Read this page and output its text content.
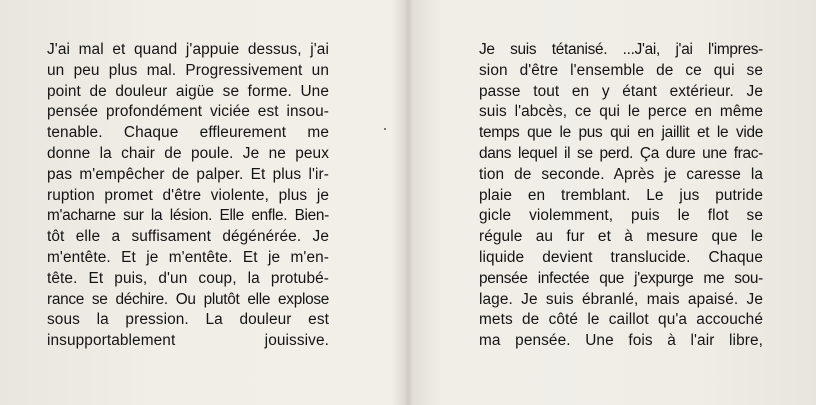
J'ai mal et quand j'appuie dessus, j'ai
un peu plus mal. Progressivement un
point de douleur aigüe se forme. Une
pensée profondément viciée est insou-
tenable. Chaque effleurement me
donne la chair de poule. Je ne peux
pas m'empêcher de palper. Et plus l'ir-
ruption promet d'être violente, plus je
m'acharne sur la lésion. Elle enfle. Bien-
tôt elle a suffisament dégénérée. Je
m'entête. Et je m'entête. Et je m'en-
tête. Et puis, d'un coup, la protubé-
rance se déchire. Ou plutôt elle explose
sous la pression. La douleur est
insupportablement jouissive.
Je suis tétanisé. ...J'ai, j'ai l'impres-
sion d'être l'ensemble de ce qui se
passe tout en y étant extérieur. Je
suis l'abcès, ce qui le perce en même
temps que le pus qui en jaillit et le vide
dans lequel il se perd. Ça dure une frac-
tion de seconde. Après je caresse la
plaie en tremblant. Le jus putride
gicle violemment, puis le flot se
régule au fur et à mesure que le
liquide devient translucide. Chaque
pensée infectée que j'expurge me sou-
lage. Je suis ébranlé, mais apaisé. Je
mets de côté le caillot qu'a accouché
ma pensée. Une fois à l'air libre,
